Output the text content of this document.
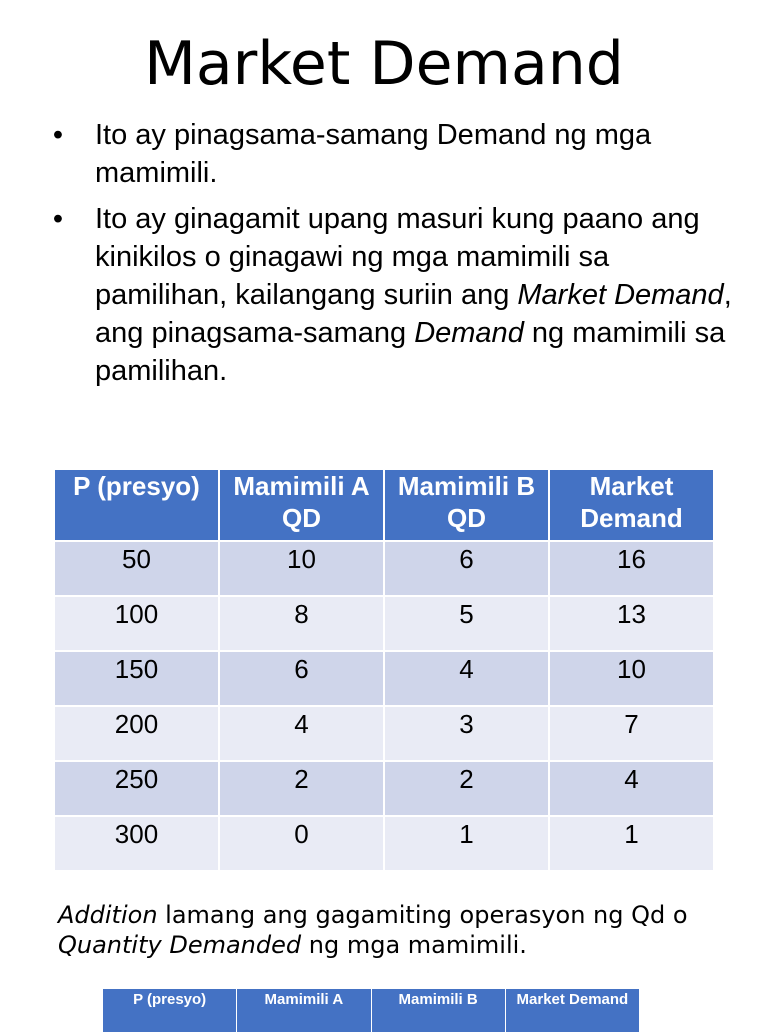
Market Demand
• Ito ay pinagsama-samang Demand ng mga mamimili.
• Ito ay ginagamit upang masuri kung paano ang kinikilos o ginagawi ng mga mamimili sa pamilihan, kailangang suriin ang Market Demand, ang pinagsama-samang Demand ng mamimili sa pamilihan.
P (presyo)	Mamimili A QD	Mamimili B QD	Market Demand
50	10	6	16
100	8	5	13
150	6	4	10
200	4	3	7
250	2	2	4
300	0	1	1
Addition lamang ang gagamiting operasyon ng Qd o Quantity Demanded ng mga mamimili.
P (presyo)	Mamimili A	Mamimili B	Market Demand
